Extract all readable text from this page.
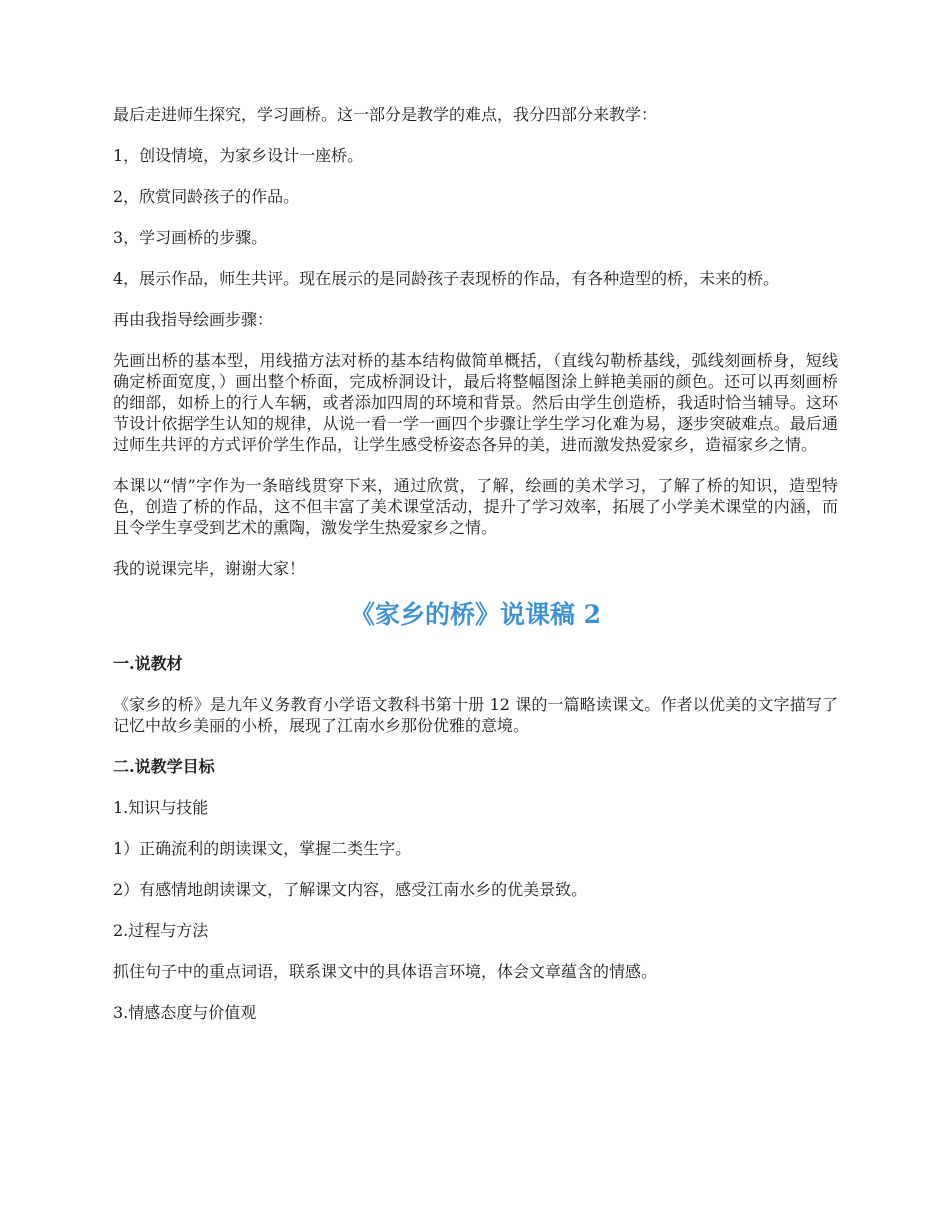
最后走进师生探究，学习画桥。这一部分是教学的难点，我分四部分来教学：

1，创设情境，为家乡设计一座桥。

2，欣赏同龄孩子的作品。

3，学习画桥的步骤。

4，展示作品，师生共评。现在展示的是同龄孩子表现桥的作品，有各种造型的桥，未来的桥。

再由我指导绘画步骤：

先画出桥的基本型，用线描方法对桥的基本结构做简单概括，（直线勾勒桥基线，弧线刻画桥身，短线确定桥面宽度，）画出整个桥面，完成桥洞设计，最后将整幅图涂上鲜艳美丽的颜色。还可以再刻画桥的细部，如桥上的行人车辆，或者添加四周的环境和背景。然后由学生创造桥，我适时恰当辅导。这环节设计依据学生认知的规律，从说一看一学一画四个步骤让学生学习化难为易，逐步突破难点。最后通过师生共评的方式评价学生作品，让学生感受桥姿态各异的美，进而激发热爱家乡，造福家乡之情。

本课以“情”字作为一条暗线贯穿下来，通过欣赏，了解，绘画的美术学习，了解了桥的知识，造型特色，创造了桥的作品，这不但丰富了美术课堂活动，提升了学习效率，拓展了小学美术课堂的内涵，而且令学生享受到艺术的熏陶，激发学生热爱家乡之情。

我的说课完毕，谢谢大家！

《家乡的桥》说课稿 2

一.说教材

《家乡的桥》是九年义务教育小学语文教科书第十册 12 课的一篇略读课文。作者以优美的文字描写了记忆中故乡美丽的小桥，展现了江南水乡那份优雅的意境。

二.说教学目标

1.知识与技能

1）正确流利的朗读课文，掌握二类生字。

2）有感情地朗读课文，了解课文内容，感受江南水乡的优美景致。

2.过程与方法

抓住句子中的重点词语，联系课文中的具体语言环境，体会文章蕴含的情感。

3.情感态度与价值观
